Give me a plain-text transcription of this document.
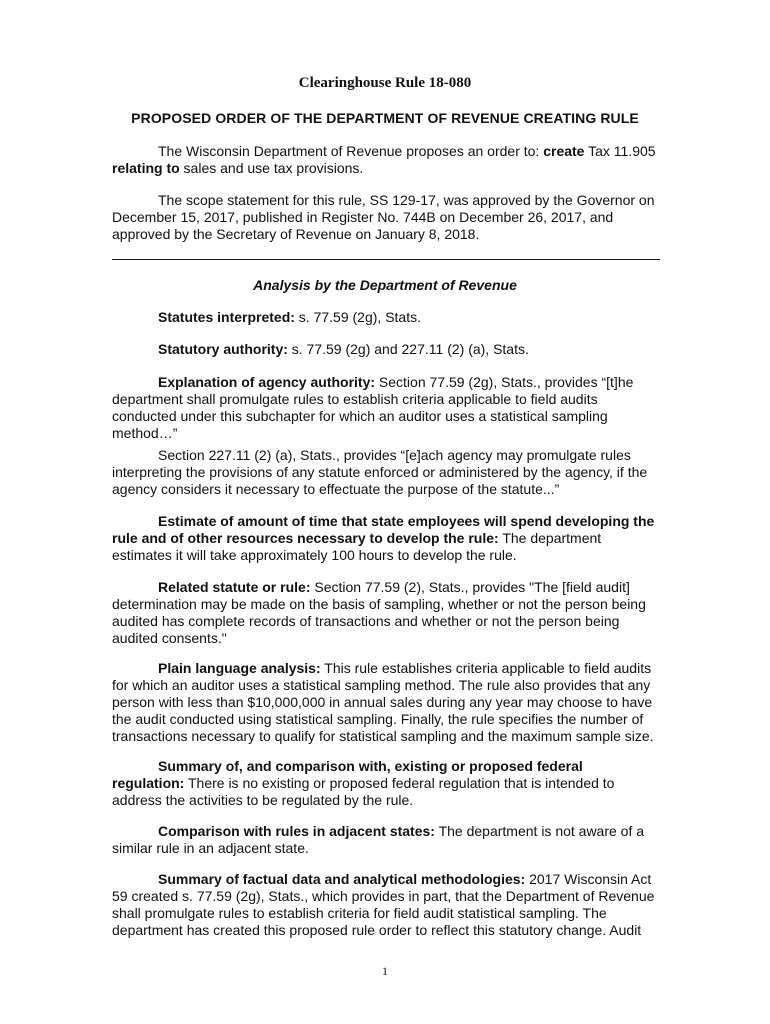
Clearinghouse Rule 18-080
PROPOSED ORDER OF THE DEPARTMENT OF REVENUE CREATING RULE

The Wisconsin Department of Revenue proposes an order to: create Tax 11.905 relating to sales and use tax provisions.

The scope statement for this rule, SS 129-17, was approved by the Governor on December 15, 2017, published in Register No. 744B on December 26, 2017, and approved by the Secretary of Revenue on January 8, 2018.

Analysis by the Department of Revenue

Statutes interpreted: s. 77.59 (2g), Stats.

Statutory authority: s. 77.59 (2g) and 227.11 (2) (a), Stats.

Explanation of agency authority: Section 77.59 (2g), Stats., provides “[t]he department shall promulgate rules to establish criteria applicable to field audits conducted under this subchapter for which an auditor uses a statistical sampling method…”

Section 227.11 (2) (a), Stats., provides “[e]ach agency may promulgate rules interpreting the provisions of any statute enforced or administered by the agency, if the agency considers it necessary to effectuate the purpose of the statute...”

Estimate of amount of time that state employees will spend developing the rule and of other resources necessary to develop the rule: The department estimates it will take approximately 100 hours to develop the rule.

Related statute or rule: Section 77.59 (2), Stats., provides "The [field audit] determination may be made on the basis of sampling, whether or not the person being audited has complete records of transactions and whether or not the person being audited consents."

Plain language analysis: This rule establishes criteria applicable to field audits for which an auditor uses a statistical sampling method. The rule also provides that any person with less than $10,000,000 in annual sales during any year may choose to have the audit conducted using statistical sampling. Finally, the rule specifies the number of transactions necessary to qualify for statistical sampling and the maximum sample size.

Summary of, and comparison with, existing or proposed federal regulation: There is no existing or proposed federal regulation that is intended to address the activities to be regulated by the rule.

Comparison with rules in adjacent states: The department is not aware of a similar rule in an adjacent state.

Summary of factual data and analytical methodologies: 2017 Wisconsin Act 59 created s. 77.59 (2g), Stats., which provides in part, that the Department of Revenue shall promulgate rules to establish criteria for field audit statistical sampling. The department has created this proposed rule order to reflect this statutory change. Audit

1
